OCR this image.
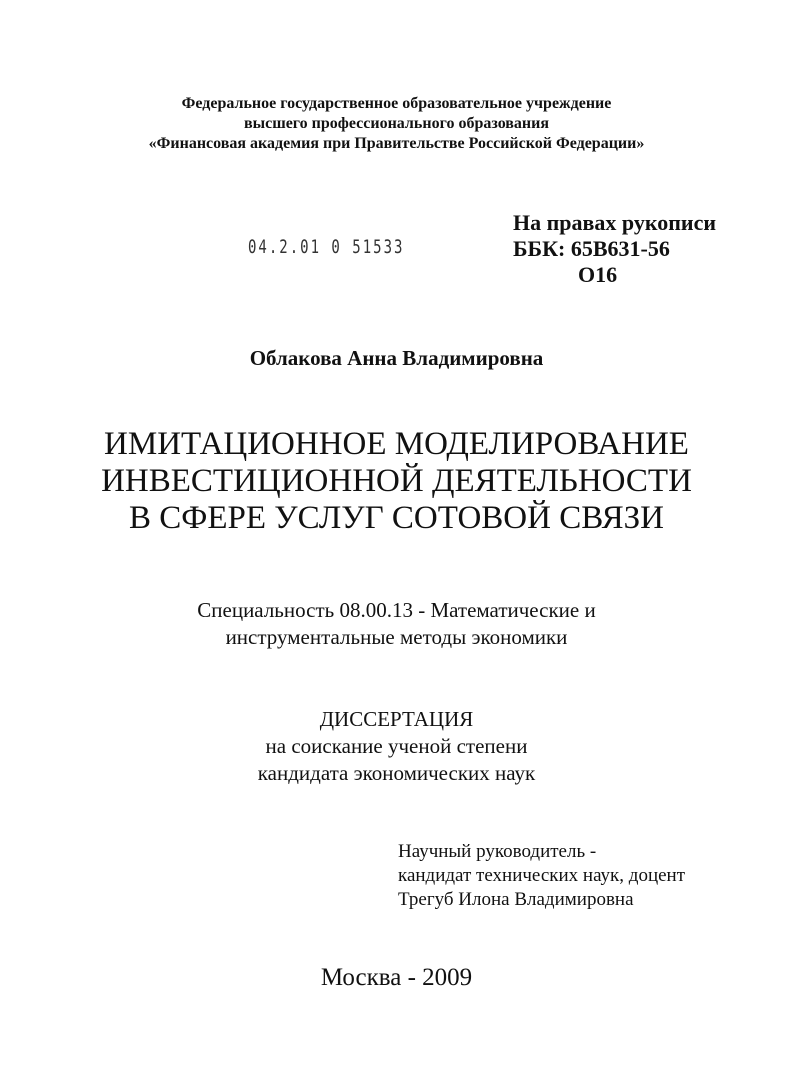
Федеральное государственное образовательное учреждение
высшего профессионального образования
«Финансовая академия при Правительстве Российской Федерации»
04.2.01 0 51533
На правах рукописи
ББК: 65В631-56
О16
Облакова Анна Владимировна
ИМИТАЦИОННОЕ МОДЕЛИРОВАНИЕ
ИНВЕСТИЦИОННОЙ ДЕЯТЕЛЬНОСТИ
В СФЕРЕ УСЛУГ СОТОВОЙ СВЯЗИ
Специальность 08.00.13 - Математические и
инструментальные методы экономики
ДИССЕРТАЦИЯ
на соискание ученой степени
кандидата экономических наук
Научный руководитель -
кандидат технических наук, доцент
Трегуб Илона Владимировна
Москва - 2009
